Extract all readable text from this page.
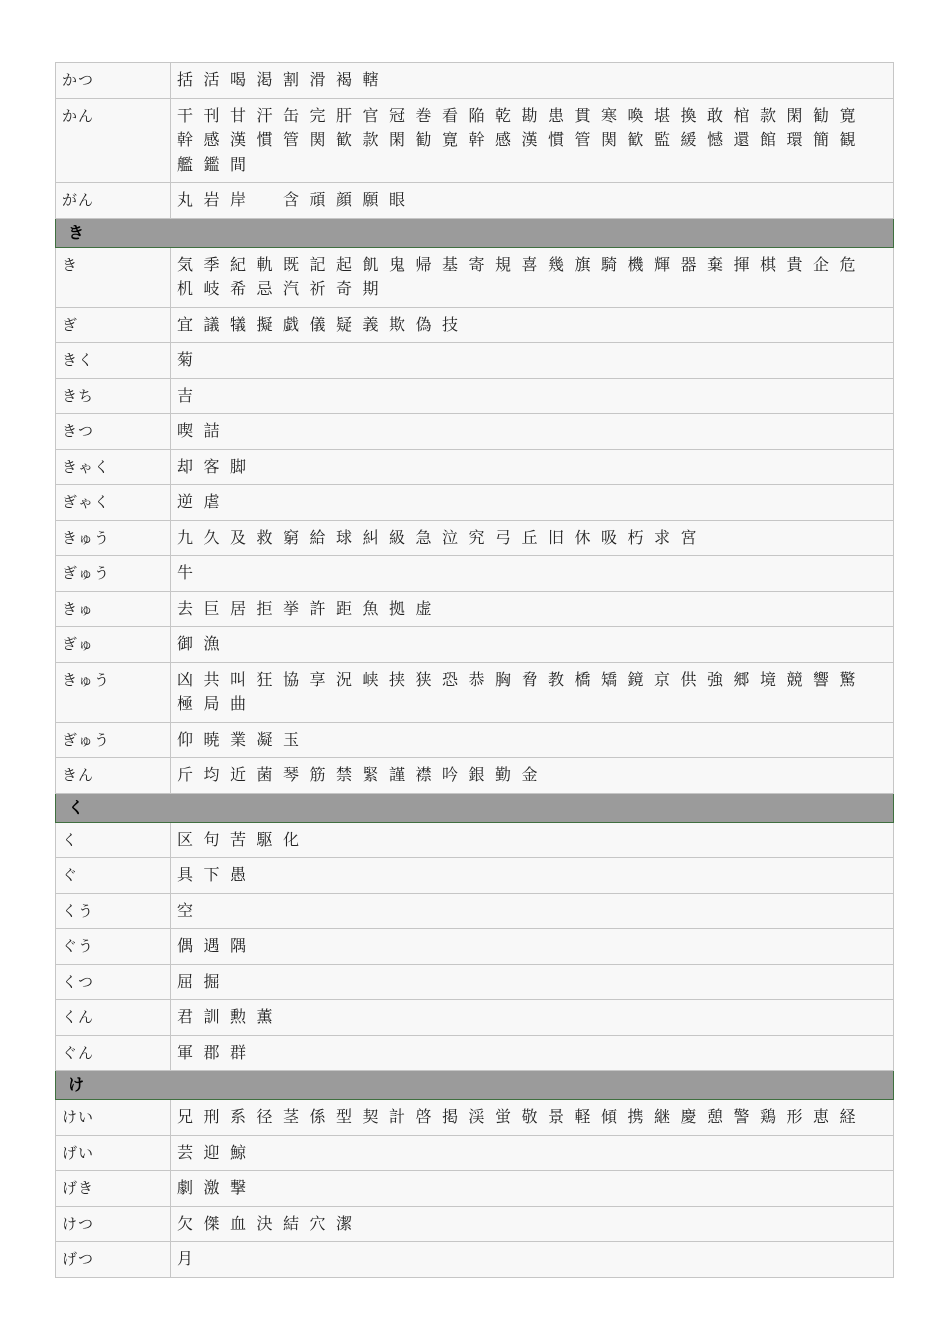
かつ	括活喝渇割滑褐轄
かん	干刊甘汗缶完肝官冠巻看陥乾勘患貫寒喚堪換敢棺款閑勧寛幹感漢慣管関歓款閑勧寛幹感漢慣管関歓監緩憾還館環簡観艦鑑間
がん	丸岩岸　含頑顔願眼
き	
き	気季紀軌既記起飢鬼帰基寄規喜幾旗騎機輝器棄揮棋貴企危机岐希忌汽祈奇期
ぎ	宜議犠擬戯儀疑義欺偽技
きく	菊
きち	吉
きつ	喫詰
きゃく	却客脚
ぎゃく	逆虐
きゅう	九久及救窮給球糾級急泣究弓丘旧休吸朽求宮
ぎゅう	牛
きゅ	去巨居拒挙許距魚拠虚
ぎゅ	御漁
きゅう	凶共叫狂協享況峡挟狭恐恭胸脅教橋矯鏡京供強郷境競響驚極局曲
ぎゅう	仰暁業凝玉
きん	斤均近菌琴筋禁緊謹襟吟銀勤金
く	
く	区句苦駆化
ぐ	具下愚
くう	空
ぐう	偶遇隅
くつ	屈掘
くん	君訓勲薫
ぐん	軍郡群
け	
けい	兄刑系径茎係型契計啓掲渓蛍敬景軽傾携継慶憩警鶏形恵経
げい	芸迎鯨
げき	劇激撃
けつ	欠傑血決結穴潔
げつ	月
